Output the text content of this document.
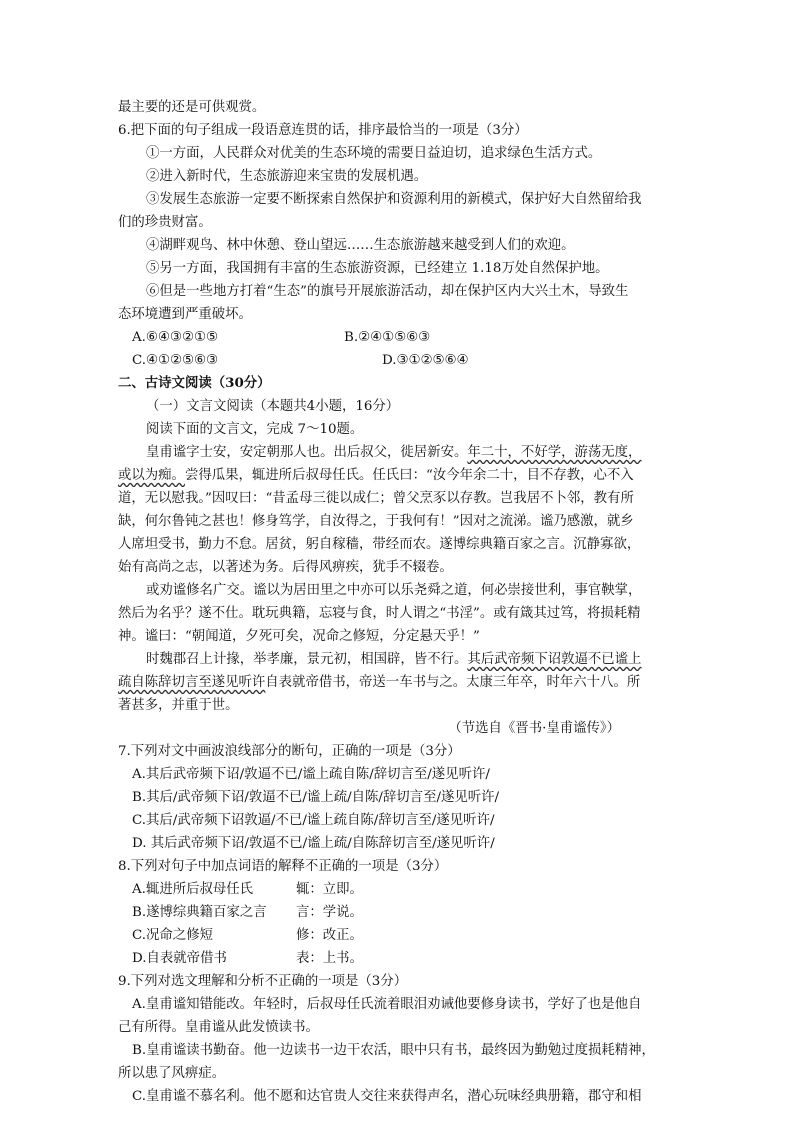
最主要的还是可供观赏。
6.把下面的句子组成一段语意连贯的话，排序最恰当的一项是（3分）
①一方面，人民群众对优美的生态环境的需要日益迫切，追求绿色生活方式。
②进入新时代，生态旅游迎来宝贵的发展机遇。
③发展生态旅游一定要不断探索自然保护和资源利用的新模式，保护好大自然留给我
们的珍贵财富。
④湖畔观鸟、林中休憩、登山望远……生态旅游越来越受到人们的欢迎。
⑤另一方面，我国拥有丰富的生态旅游资源，已经建立 1.18万处自然保护地。
⑥但是一些地方打着“生态”的旗号开展旅游活动，却在保护区内大兴土木，导致生
态环境遭到严重破坏。
A.⑥④③②①⑤	B.②④①⑤⑥③
C.④①②⑤⑥③	D.③①②⑤⑥④
二、古诗文阅读（30分）
（一）文言文阅读（本题共4小题，16分）
阅读下面的文言文，完成 7～10题。
皇甫谧字士安，安定朝那人也。出后叔父，徙居新安。年二十，不好学，游荡无度，
或以为痴。尝得瓜果，辄进所后叔母任氏。任氏曰：“汝今年余二十，目不存教，心不入
道，无以慰我。”因叹曰：“昔孟母三徙以成仁；曾父烹豕以存教。岂我居不卜邻，教有所
缺，何尔鲁钝之甚也！修身笃学，自汝得之，于我何有！”因对之流涕。谧乃感激，就乡
人席坦受书，勤力不怠。居贫，躬自稼穑，带经而农。遂博综典籍百家之言。沉静寡欲，
始有高尚之志，以著述为务。后得风痹疾，犹手不辍卷。
或劝谧修名广交。谧以为居田里之中亦可以乐尧舜之道，何必崇接世利，事官鞅掌，
然后为名乎？遂不仕。耽玩典籍，忘寝与食，时人谓之“书淫”。或有箴其过笃，将损耗精
神。谧曰：“朝闻道，夕死可矣，况命之修短，分定悬天乎！”
时魏郡召上计掾，举孝廉，景元初，相国辟，皆不行。其后武帝频下诏敦逼不已谧上
疏自陈辞切言至遂见听许自表就帝借书，帝送一车书与之。太康三年卒，时年六十八。所
著甚多，并重于世。
（节选自《晋书·皇甫谧传》）
7.下列对文中画波浪线部分的断句，正确的一项是（3分）
A.其后武帝频下诏/敦逼不已/谧上疏自陈/辞切言至/遂见听许/
B.其后/武帝频下诏/敦逼不已/谧上疏/自陈/辞切言至/遂见听许/
C.其后/武帝频下诏敦逼/不已/谧上疏自陈/辞切言至/遂见听许/
D. 其后武帝频下诏/敦逼不已/谧上疏/自陈辞切言至/遂见听许/
8.下列对句子中加点词语的解释不正确的一项是（3分）
A.辄进所后叔母任氏	辄：立即。
B.遂博综典籍百家之言	言：学说。
C.况命之修短	修：改正。
D.自表就帝借书	表：上书。
9.下列对选文理解和分析不正确的一项是（3分）
A.皇甫谧知错能改。年轻时，后叔母任氏流着眼泪劝诫他要修身读书，学好了也是他自
己有所得。皇甫谧从此发愤读书。
B.皇甫谧读书勤奋。他一边读书一边干农活，眼中只有书，最终因为勤勉过度损耗精神，
所以患了风痹症。
C.皇甫谧不慕名利。他不愿和达官贵人交往来获得声名，潜心玩味经典册籍，郡守和相
